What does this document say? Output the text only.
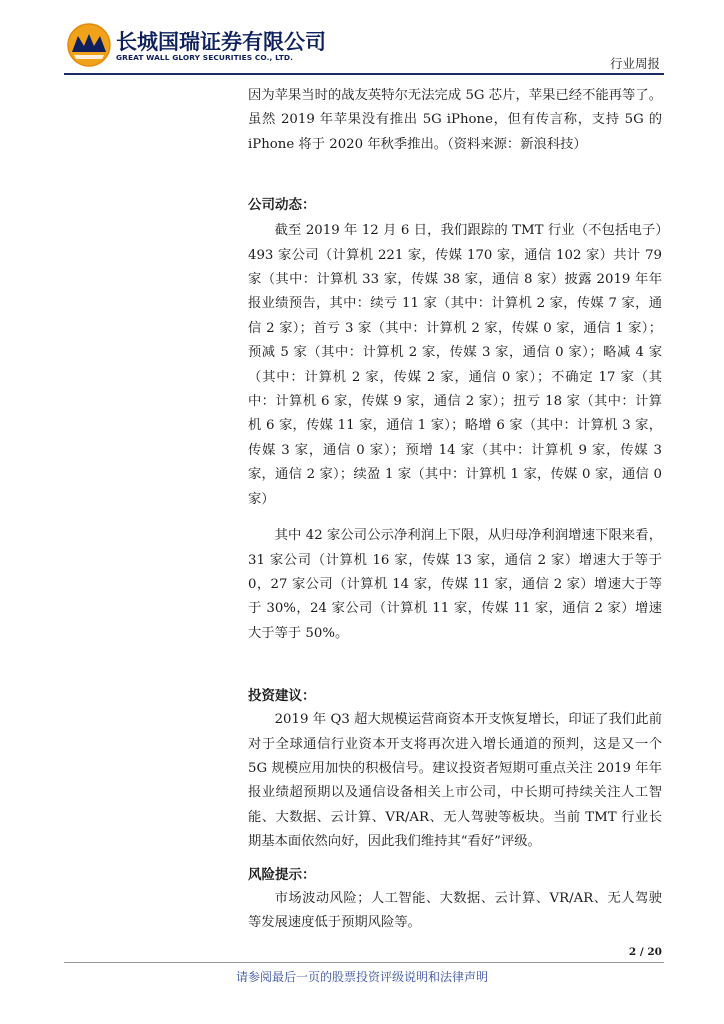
长城国瑞证券有限公司
GREAT WALL GLORY SECURITIES CO., LTD.	行业周报

因为苹果当时的战友英特尔无法完成 5G 芯片，苹果已经不能再等了。虽然 2019 年苹果没有推出 5G iPhone，但有传言称，支持 5G 的 iPhone 将于 2020 年秋季推出。（资料来源：新浪科技）

公司动态：

截至 2019 年 12 月 6 日，我们跟踪的 TMT 行业（不包括电子）493 家公司（计算机 221 家，传媒 170 家，通信 102 家）共计 79 家（其中：计算机 33 家，传媒 38 家，通信 8 家）披露 2019 年年报业绩预告，其中：续亏 11 家（其中：计算机 2 家，传媒 7 家，通信 2 家）；首亏 3 家（其中：计算机 2 家，传媒 0 家，通信 1 家）；预减 5 家（其中：计算机 2 家，传媒 3 家，通信 0 家）；略减 4 家（其中：计算机 2 家，传媒 2 家，通信 0 家）；不确定 17 家（其中：计算机 6 家，传媒 9 家，通信 2 家）；扭亏 18 家（其中：计算机 6 家，传媒 11 家，通信 1 家）；略增 6 家（其中：计算机 3 家，传媒 3 家，通信 0 家）；预增 14 家（其中：计算机 9 家，传媒 3 家，通信 2 家）；续盈 1 家（其中：计算机 1 家，传媒 0 家，通信 0 家）

其中 42 家公司公示净利润上下限，从归母净利润增速下限来看，31 家公司（计算机 16 家，传媒 13 家，通信 2 家）增速大于等于 0，27 家公司（计算机 14 家，传媒 11 家，通信 2 家）增速大于等于 30%，24 家公司（计算机 11 家，传媒 11 家，通信 2 家）增速大于等于 50%。

投资建议：

2019 年 Q3 超大规模运营商资本开支恢复增长，印证了我们此前对于全球通信行业资本开支将再次进入增长通道的预判，这是又一个 5G 规模应用加快的积极信号。建议投资者短期可重点关注 2019 年年报业绩超预期以及通信设备相关上市公司，中长期可持续关注人工智能、大数据、云计算、VR/AR、无人驾驶等板块。当前 TMT 行业长期基本面依然向好，因此我们维持其“看好”评级。

风险提示：

市场波动风险；人工智能、大数据、云计算、VR/AR、无人驾驶等发展速度低于预期风险等。

2 / 20
请参阅最后一页的股票投资评级说明和法律声明
